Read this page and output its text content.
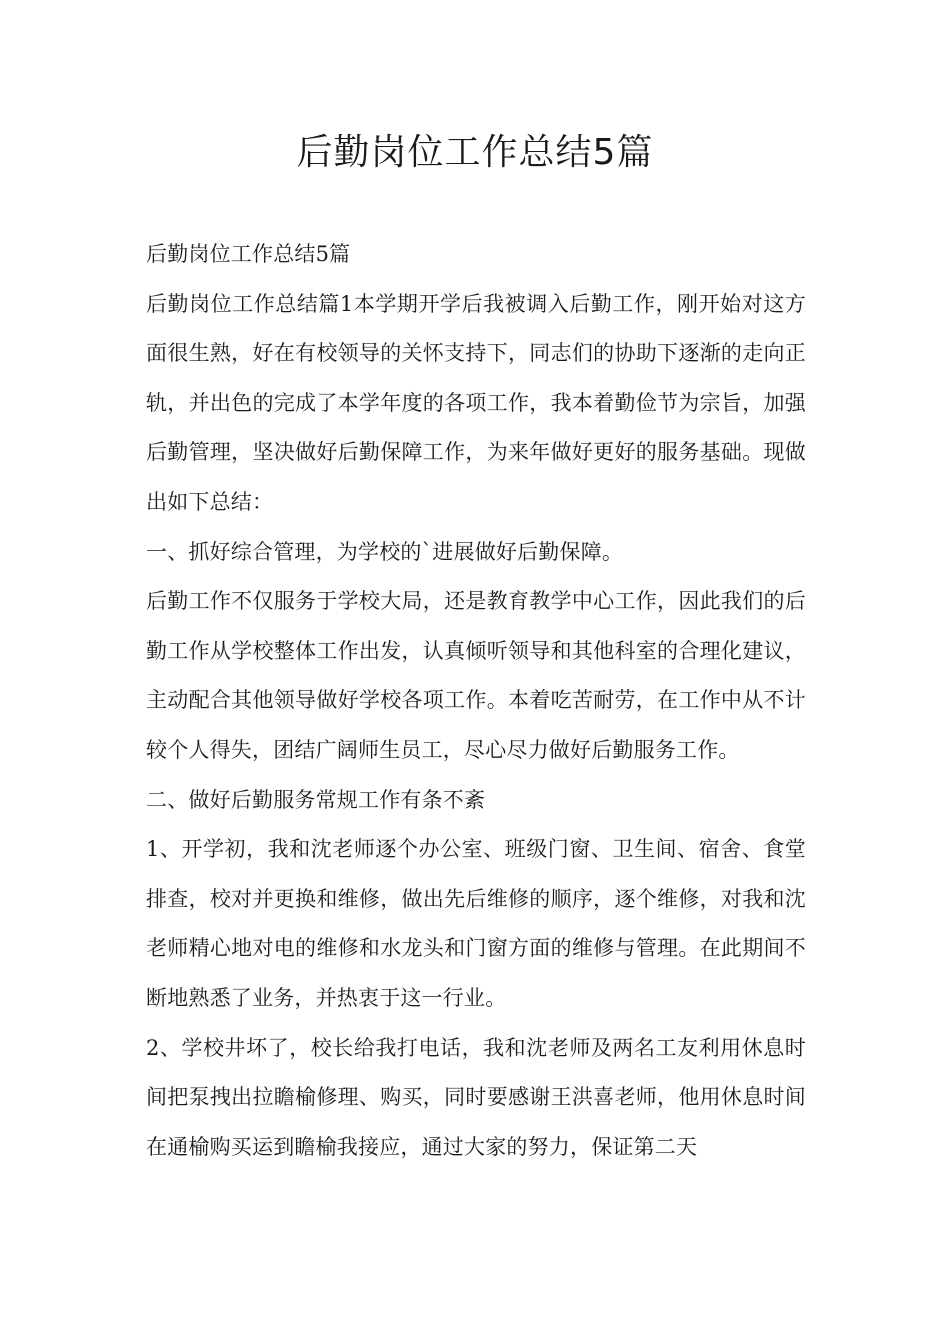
后勤岗位工作总结5篇

后勤岗位工作总结5篇

后勤岗位工作总结篇1本学期开学后我被调入后勤工作，刚开始对这方面很生熟，好在有校领导的关怀支持下，同志们的协助下逐渐的走向正轨，并出色的完成了本学年度的各项工作，我本着勤俭节为宗旨，加强后勤管理，坚决做好后勤保障工作，为来年做好更好的服务基础。现做出如下总结：

一、抓好综合管理，为学校的`进展做好后勤保障。

后勤工作不仅服务于学校大局，还是教育教学中心工作，因此我们的后勤工作从学校整体工作出发，认真倾听领导和其他科室的合理化建议，主动配合其他领导做好学校各项工作。本着吃苦耐劳，在工作中从不计较个人得失，团结广阔师生员工，尽心尽力做好后勤服务工作。

二、做好后勤服务常规工作有条不紊

1、开学初，我和沈老师逐个办公室、班级门窗、卫生间、宿舍、食堂排查，校对并更换和维修，做出先后维修的顺序，逐个维修，对我和沈老师精心地对电的维修和水龙头和门窗方面的维修与管理。在此期间不断地熟悉了业务，并热衷于这一行业。

2、学校井坏了，校长给我打电话，我和沈老师及两名工友利用休息时间把泵拽出拉瞻榆修理、购买，同时要感谢王洪喜老师，他用休息时间在通榆购买运到瞻榆我接应，通过大家的努力，保证第二天
